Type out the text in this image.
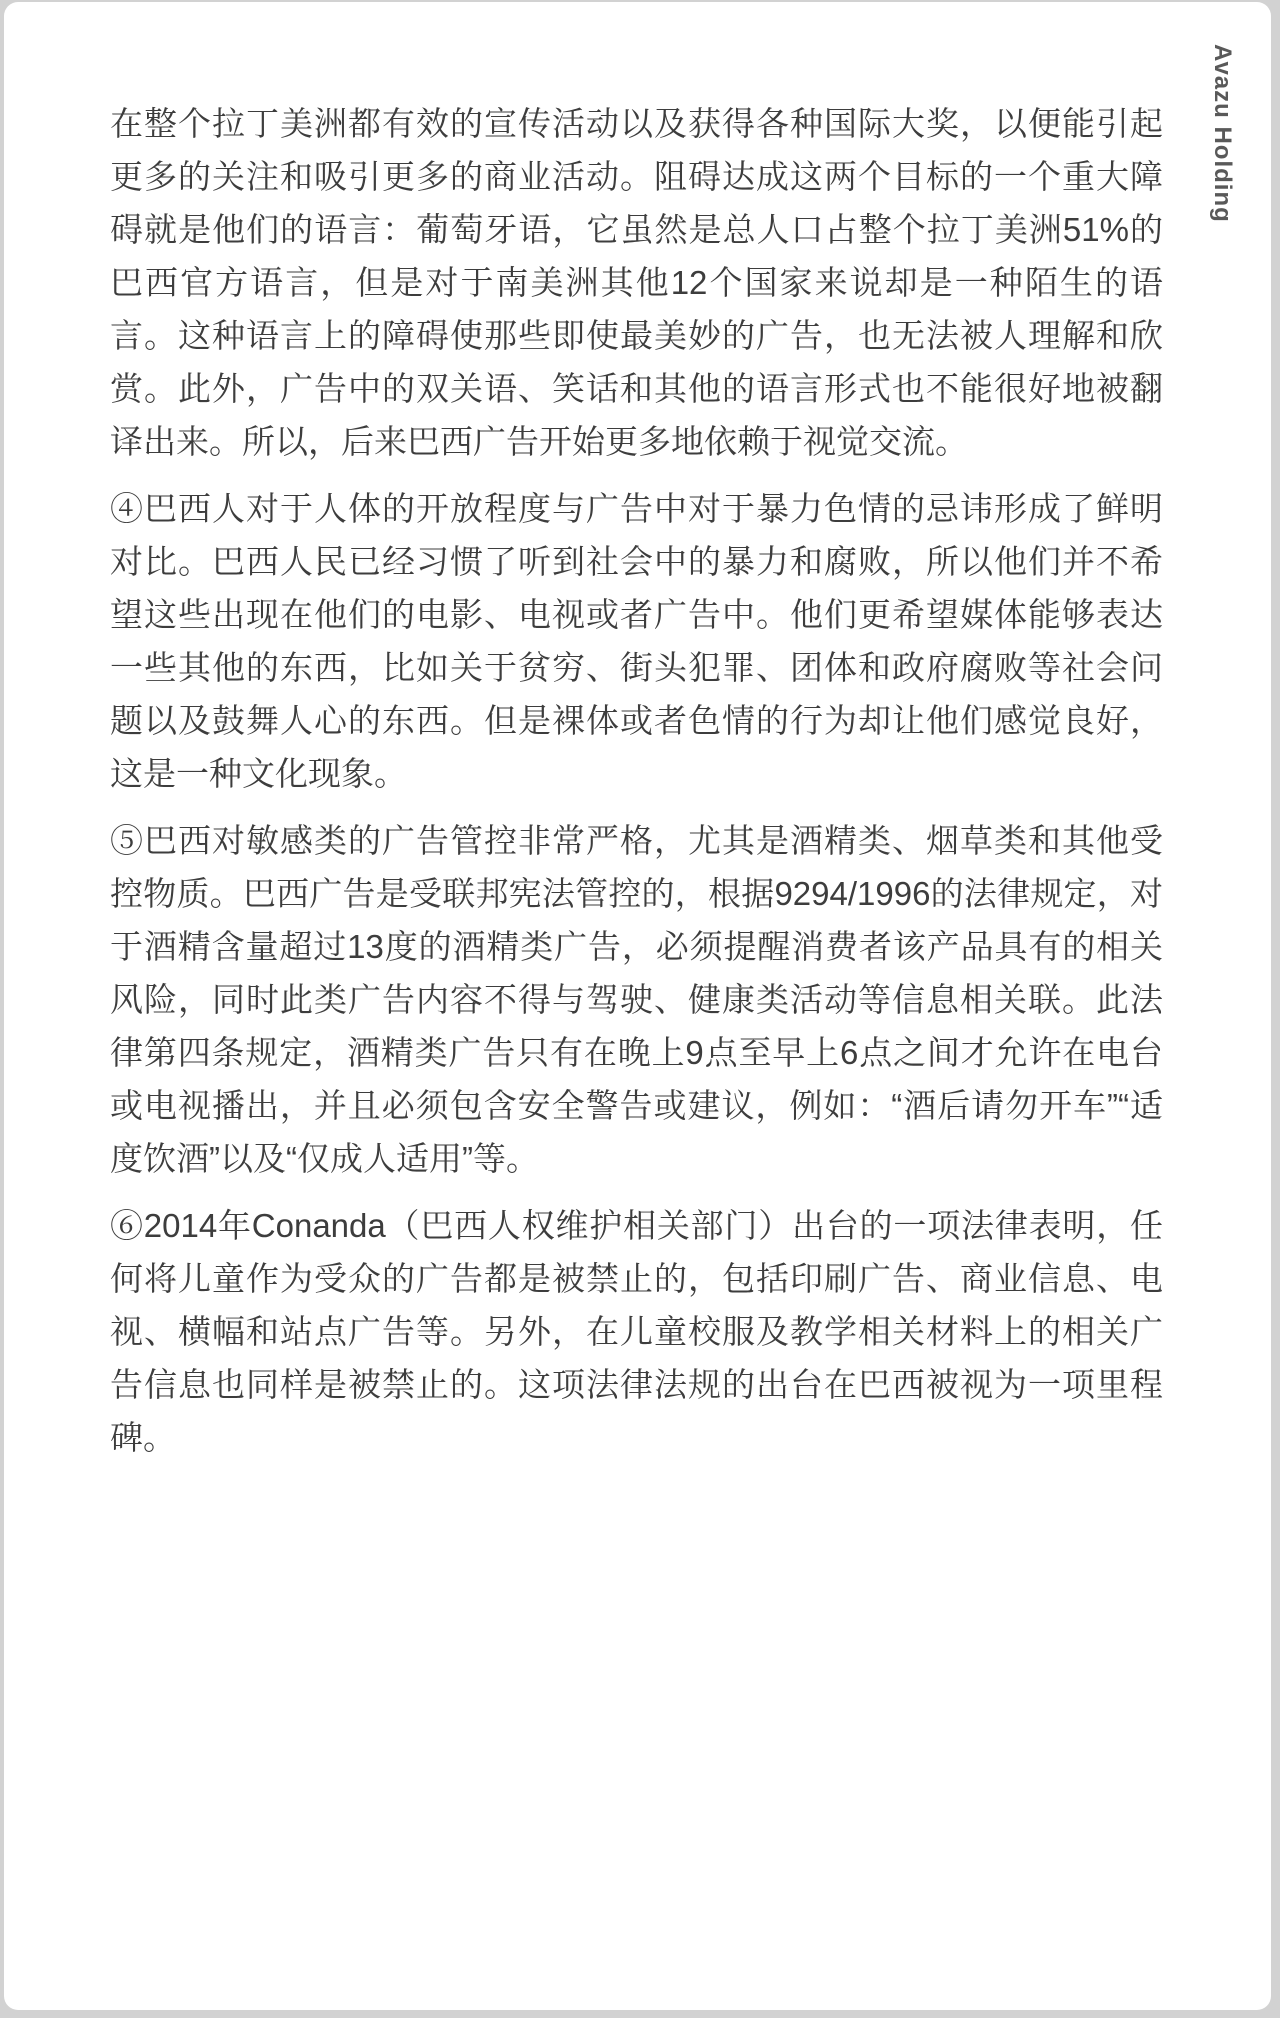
Avazu Holding

在整个拉丁美洲都有效的宣传活动以及获得各种国际大奖，以便能引起更多的关注和吸引更多的商业活动。阻碍达成这两个目标的一个重大障碍就是他们的语言：葡萄牙语，它虽然是总人口占整个拉丁美洲51%的巴西官方语言，但是对于南美洲其他12个国家来说却是一种陌生的语言。这种语言上的障碍使那些即使最美妙的广告，也无法被人理解和欣赏。此外，广告中的双关语、笑话和其他的语言形式也不能很好地被翻译出来。所以，后来巴西广告开始更多地依赖于视觉交流。

④巴西人对于人体的开放程度与广告中对于暴力色情的忌讳形成了鲜明对比。巴西人民已经习惯了听到社会中的暴力和腐败，所以他们并不希望这些出现在他们的电影、电视或者广告中。他们更希望媒体能够表达一些其他的东西，比如关于贫穷、街头犯罪、团体和政府腐败等社会问题以及鼓舞人心的东西。但是裸体或者色情的行为却让他们感觉良好，这是一种文化现象。

⑤巴西对敏感类的广告管控非常严格，尤其是酒精类、烟草类和其他受控物质。巴西广告是受联邦宪法管控的，根据9294/1996的法律规定，对于酒精含量超过13度的酒精类广告，必须提醒消费者该产品具有的相关风险，同时此类广告内容不得与驾驶、健康类活动等信息相关联。此法律第四条规定，酒精类广告只有在晚上9点至早上6点之间才允许在电台或电视播出，并且必须包含安全警告或建议，例如：“酒后请勿开车”“适度饮酒”以及“仅成人适用”等。

⑥2014年Conanda（巴西人权维护相关部门）出台的一项法律表明，任何将儿童作为受众的广告都是被禁止的，包括印刷广告、商业信息、电视、横幅和站点广告等。另外，在儿童校服及教学相关材料上的相关广告信息也同样是被禁止的。这项法律法规的出台在巴西被视为一项里程碑。
